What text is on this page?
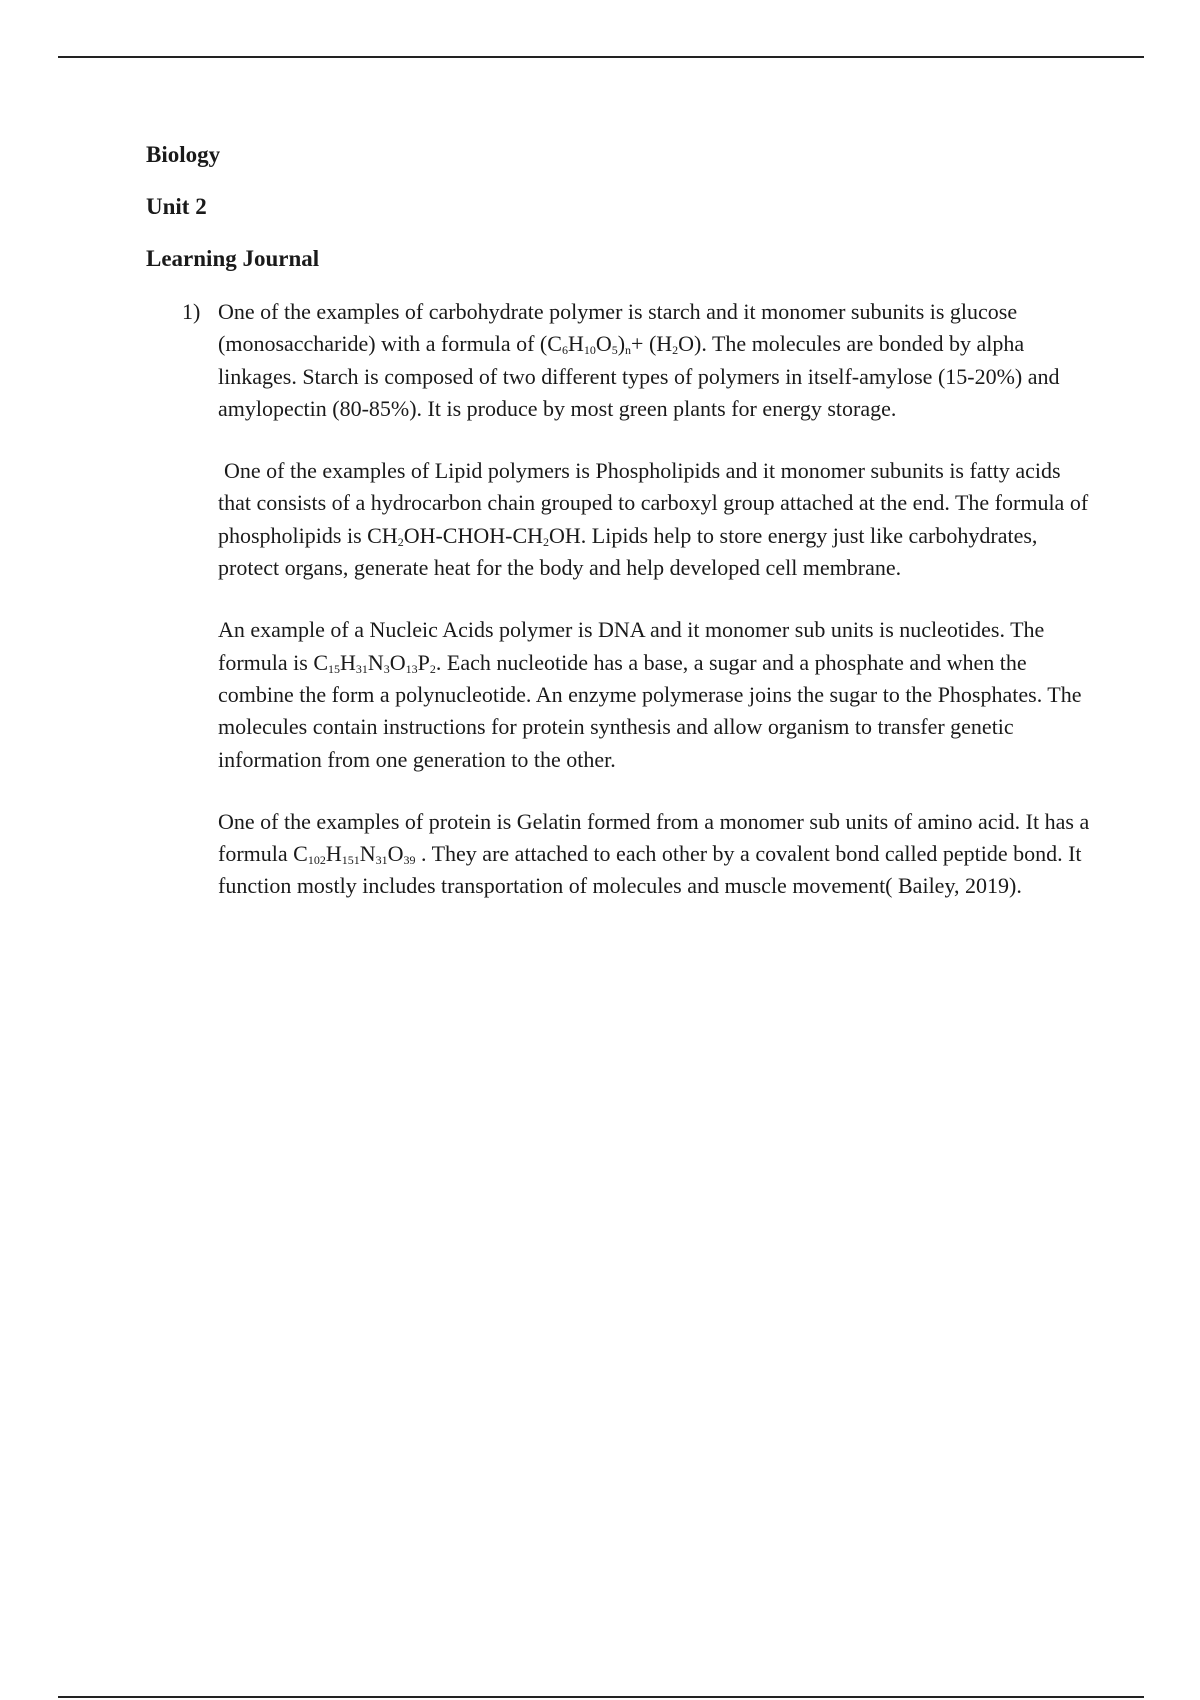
Biology
Unit 2
Learning Journal

1) One of the examples of carbohydrate polymer is starch and it monomer subunits is glucose (monosaccharide) with a formula of $(C_6H_{10}O_5)_n+ (H_2O)$. The molecules are bonded by alpha linkages. Starch is composed of two different types of polymers in itself-amylose (15-20%) and amylopectin (80-85%). It is produce by most green plants for energy storage.

One of the examples of Lipid polymers is Phospholipids and it monomer subunits is fatty acids that consists of a hydrocarbon chain grouped to carboxyl group attached at the end. The formula of phospholipids is $CH_2OH-CHOH-CH_2OH$. Lipids help to store energy just like carbohydrates, protect organs, generate heat for the body and help developed cell membrane.

An example of a Nucleic Acids polymer is DNA and it monomer sub units is nucleotides. The formula is $C_{15}H_{31}N_3O_{13}P_2$. Each nucleotide has a base, a sugar and a phosphate and when the combine the form a polynucleotide. An enzyme polymerase joins the sugar to the Phosphates. The molecules contain instructions for protein synthesis and allow organism to transfer genetic information from one generation to the other.

One of the examples of protein is Gelatin formed from a monomer sub units of amino acid. It has a formula $C_{102}H_{151}N_{31}O_{39}$ . They are attached to each other by a covalent bond called peptide bond. It function mostly includes transportation of molecules and muscle movement( Bailey, 2019).
